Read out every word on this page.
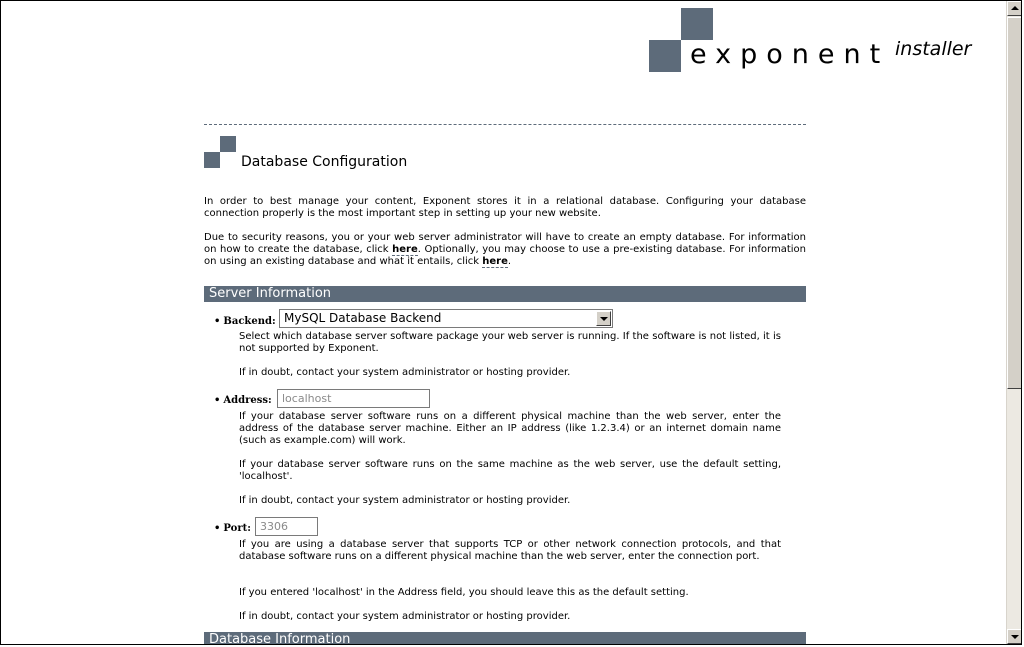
exponent installer
Database Configuration

In order to best manage your content, Exponent stores it in a relational database. Configuring your database connection properly is the most important step in setting up your new website.

Due to security reasons, you or your web server administrator will have to create an empty database. For information on how to create the database, click here. Optionally, you may choose to use a pre-existing database. For information on using an existing database and what it entails, click here.

Server Information
• Backend: MySQL Database Backend

Select which database server software package your web server is running. If the software is not listed, it is not supported by Exponent.

If in doubt, contact your system administrator or hosting provider.

• Address: localhost

If your database server software runs on a different physical machine than the web server, enter the address of the database server machine. Either an IP address (like 1.2.3.4) or an internet domain name (such as example.com) will work.

If your database server software runs on the same machine as the web server, use the default setting, 'localhost'.

If in doubt, contact your system administrator or hosting provider.

• Port: 3306

If you are using a database server that supports TCP or other network connection protocols, and that database software runs on a different physical machine than the web server, enter the connection port.

If you entered 'localhost' in the Address field, you should leave this as the default setting.

If in doubt, contact your system administrator or hosting provider.

Database Information
